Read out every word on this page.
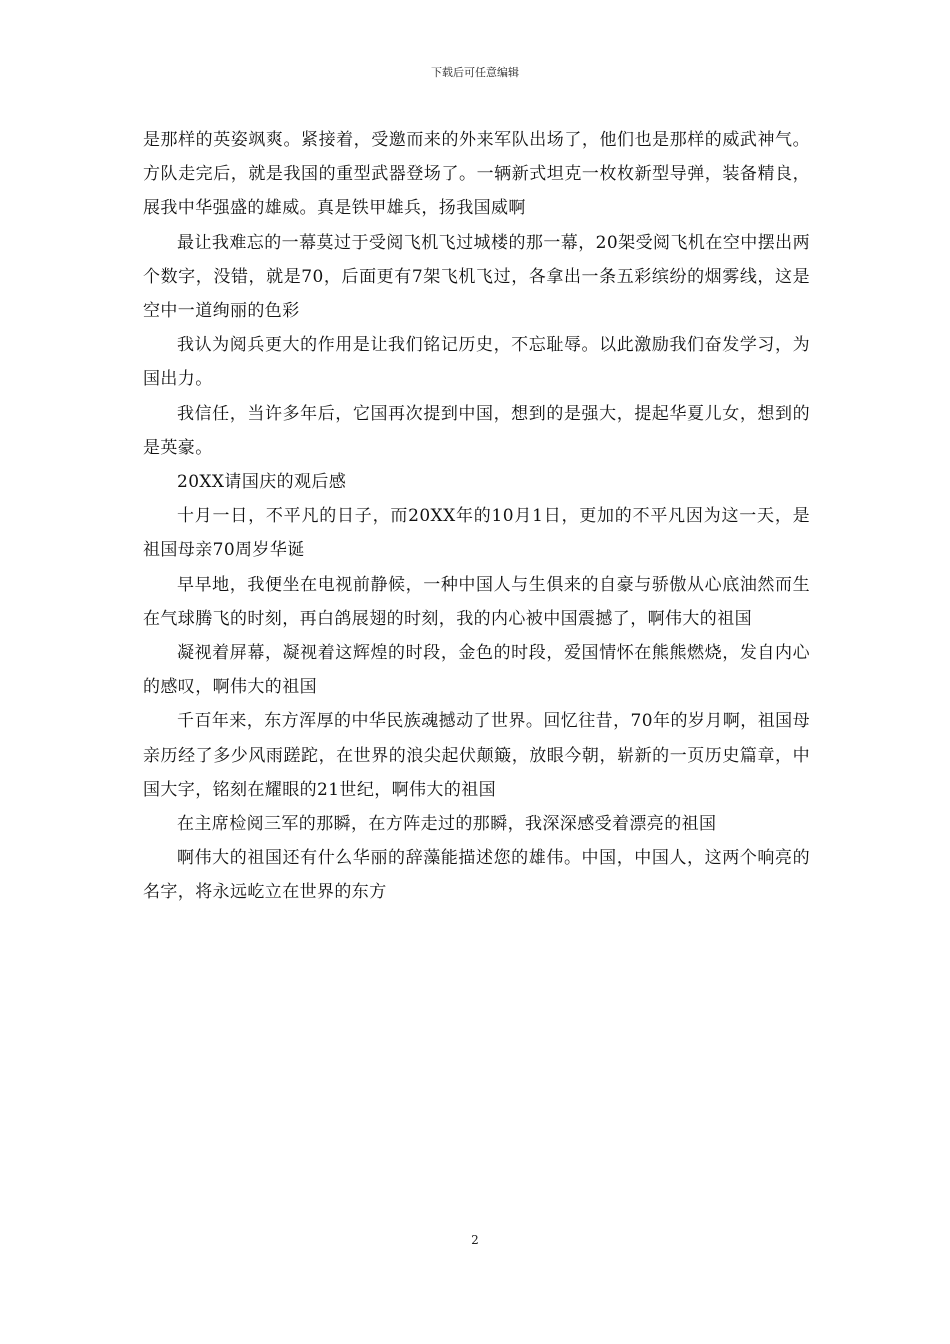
下载后可任意编辑

是那样的英姿飒爽。紧接着，受邀而来的外来军队出场了，他们也是那样的威武神气。方队走完后，就是我国的重型武器登场了。一辆新式坦克一枚枚新型导弹，装备精良，展我中华强盛的雄威。真是铁甲雄兵，扬我国威啊

最让我难忘的一幕莫过于受阅飞机飞过城楼的那一幕，20架受阅飞机在空中摆出两个数字，没错，就是70，后面更有7架飞机飞过，各拿出一条五彩缤纷的烟雾线，这是空中一道绚丽的色彩

我认为阅兵更大的作用是让我们铭记历史，不忘耻辱。以此激励我们奋发学习，为国出力。

我信任，当许多年后，它国再次提到中国，想到的是强大，提起华夏儿女，想到的是英豪。

20XX请国庆的观后感

十月一日，不平凡的日子，而20XX年的10月1日，更加的不平凡因为这一天，是祖国母亲70周岁华诞

早早地，我便坐在电视前静候，一种中国人与生俱来的自豪与骄傲从心底油然而生在气球腾飞的时刻，再白鸽展翅的时刻，我的内心被中国震撼了，啊伟大的祖国

凝视着屏幕，凝视着这辉煌的时段，金色的时段，爱国情怀在熊熊燃烧，发自内心的感叹，啊伟大的祖国

千百年来，东方浑厚的中华民族魂撼动了世界。回忆往昔，70年的岁月啊，祖国母亲历经了多少风雨蹉跎，在世界的浪尖起伏颠簸，放眼今朝，崭新的一页历史篇章，中国大字，铭刻在耀眼的21世纪，啊伟大的祖国

在主席检阅三军的那瞬，在方阵走过的那瞬，我深深感受着漂亮的祖国

啊伟大的祖国还有什么华丽的辞藻能描述您的雄伟。中国，中国人，这两个响亮的名字，将永远屹立在世界的东方

2
